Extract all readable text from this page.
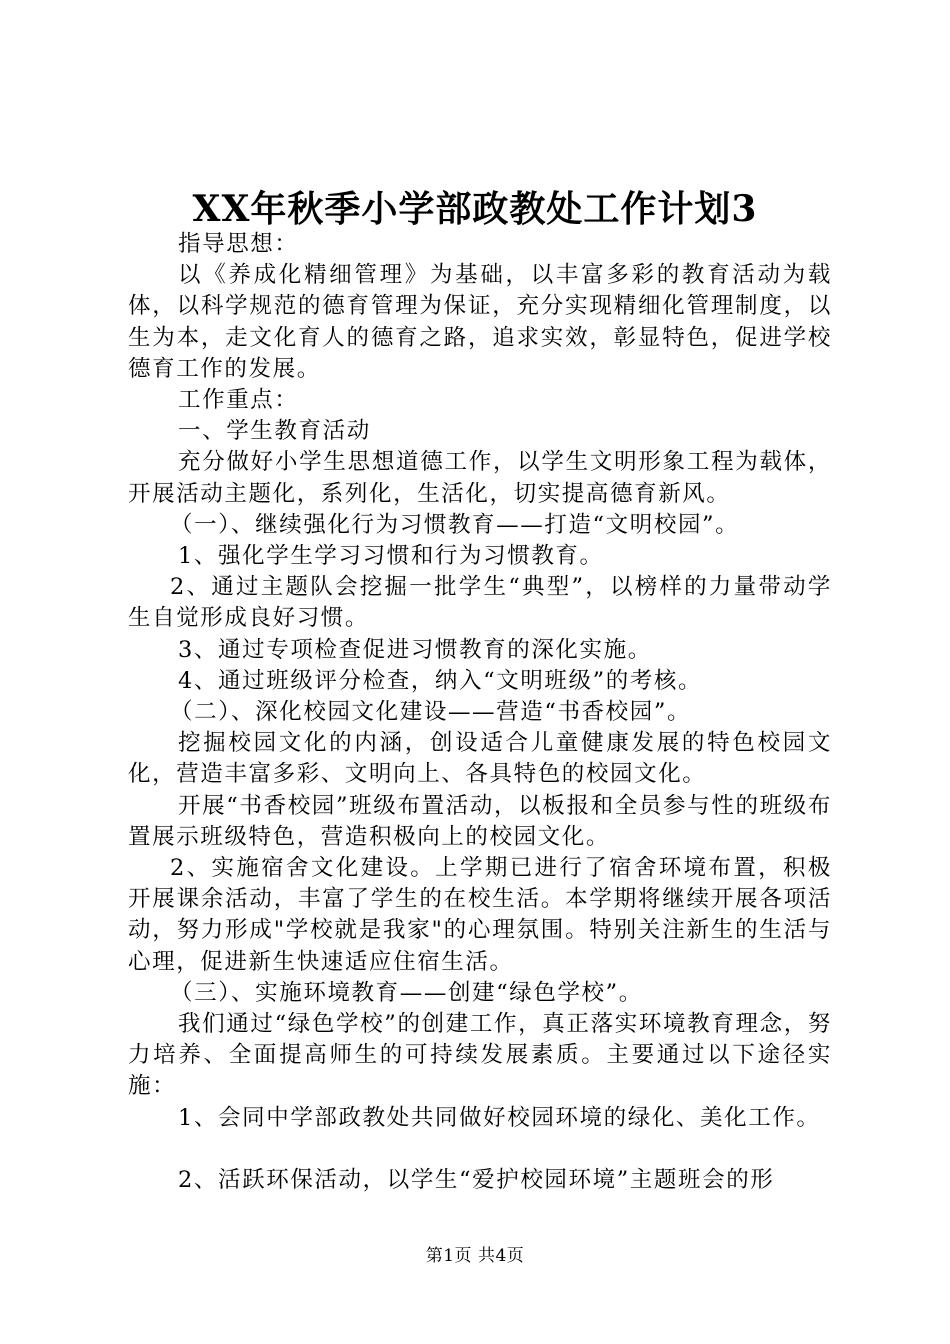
XX年秋季小学部政教处工作计划3

指导思想：

以《养成化精细管理》为基础，以丰富多彩的教育活动为载体，以科学规范的德育管理为保证，充分实现精细化管理制度，以生为本，走文化育人的德育之路，追求实效，彰显特色，促进学校德育工作的发展。

工作重点：

一、学生教育活动

充分做好小学生思想道德工作，以学生文明形象工程为载体，开展活动主题化，系列化，生活化，切实提高德育新风。

（一）、继续强化行为习惯教育——打造“文明校园”。

1、强化学生学习习惯和行为习惯教育。

2、通过主题队会挖掘一批学生“典型”，以榜样的力量带动学生自觉形成良好习惯。

3、通过专项检查促进习惯教育的深化实施。

4、通过班级评分检查，纳入“文明班级”的考核。

（二）、深化校园文化建设——营造“书香校园”。

挖掘校园文化的内涵，创设适合儿童健康发展的特色校园文化，营造丰富多彩、文明向上、各具特色的校园文化。

开展“书香校园”班级布置活动，以板报和全员参与性的班级布置展示班级特色，营造积极向上的校园文化。

2、实施宿舍文化建设。上学期已进行了宿舍环境布置，积极开展课余活动，丰富了学生的在校生活。本学期将继续开展各项活动，努力形成"学校就是我家"的心理氛围。特别关注新生的生活与心理，促进新生快速适应住宿生活。

（三）、实施环境教育——创建“绿色学校”。

我们通过“绿色学校”的创建工作，真正落实环境教育理念，努力培养、全面提高师生的可持续发展素质。主要通过以下途径实施：

1、会同中学部政教处共同做好校园环境的绿化、美化工作。

2、活跃环保活动，以学生“爱护校园环境”主题班会的形

第1页 共4页
